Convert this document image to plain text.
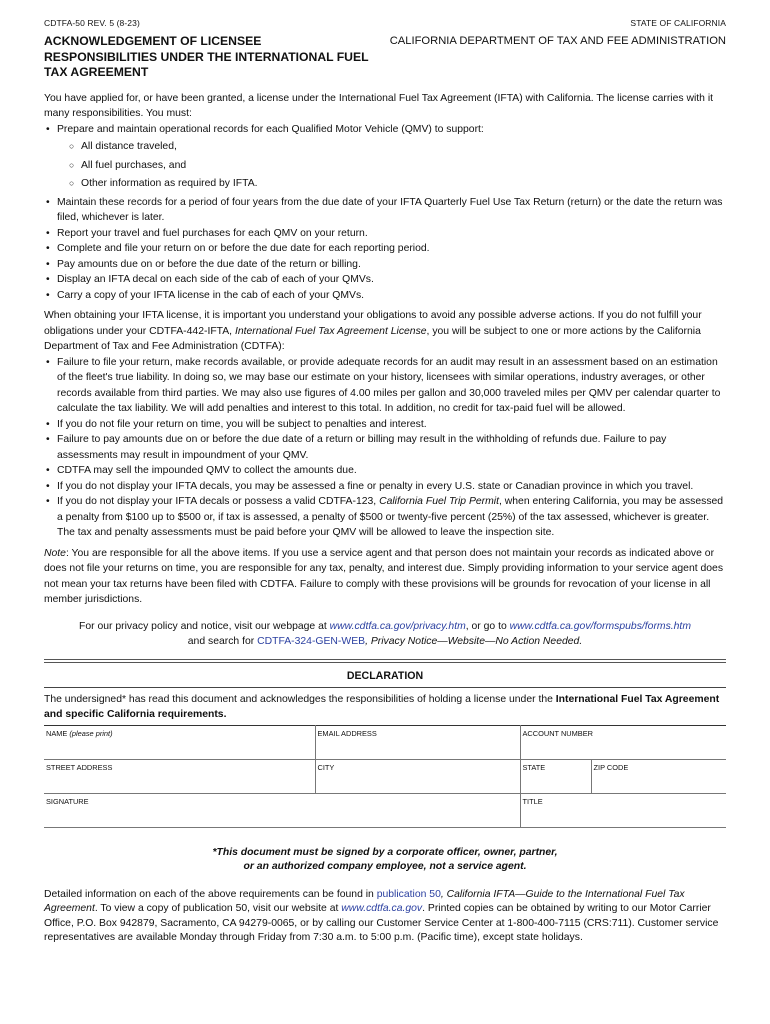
CDTFA-50 REV. 5 (8-23)	STATE OF CALIFORNIA
ACKNOWLEDGEMENT OF LICENSEE RESPONSIBILITIES UNDER THE INTERNATIONAL FUEL TAX AGREEMENT
CALIFORNIA DEPARTMENT OF TAX AND FEE ADMINISTRATION

You have applied for, or have been granted, a license under the International Fuel Tax Agreement (IFTA) with California. The license carries with it many responsibilities. You must:

• Prepare and maintain operational records for each Qualified Motor Vehicle (QMV) to support:
○ All distance traveled,
○ All fuel purchases, and
○ Other information as required by IFTA.
• Maintain these records for a period of four years from the due date of your IFTA Quarterly Fuel Use Tax Return (return) or the date the return was filed, whichever is later.
• Report your travel and fuel purchases for each QMV on your return.
• Complete and file your return on or before the due date for each reporting period.
• Pay amounts due on or before the due date of the return or billing.
• Display an IFTA decal on each side of the cab of each of your QMVs.
• Carry a copy of your IFTA license in the cab of each of your QMVs.

When obtaining your IFTA license, it is important you understand your obligations to avoid any possible adverse actions. If you do not fulfill your obligations under your CDTFA-442-IFTA, International Fuel Tax Agreement License, you will be subject to one or more actions by the California Department of Tax and Fee Administration (CDTFA):

• Failure to file your return, make records available, or provide adequate records for an audit may result in an assessment based on an estimation of the fleet's true liability. In doing so, we may base our estimate on your history, licensees with similar operations, industry averages, or other records available from third parties. We may also use figures of 4.00 miles per gallon and 30,000 traveled miles per QMV per calendar quarter to calculate the tax liability. We will add penalties and interest to this total. In addition, no credit for tax-paid fuel will be allowed.
• If you do not file your return on time, you will be subject to penalties and interest.
• Failure to pay amounts due on or before the due date of a return or billing may result in the withholding of refunds due. Failure to pay assessments may result in impoundment of your QMV.
• CDTFA may sell the impounded QMV to collect the amounts due.
• If you do not display your IFTA decals, you may be assessed a fine or penalty in every U.S. state or Canadian province in which you travel.
• If you do not display your IFTA decals or possess a valid CDTFA-123, California Fuel Trip Permit, when entering California, you may be assessed a penalty from $100 up to $500 or, if tax is assessed, a penalty of $500 or twenty-five percent (25%) of the tax assessed, whichever is greater. The tax and penalty assessments must be paid before your QMV will be allowed to leave the inspection site.

Note: You are responsible for all the above items. If you use a service agent and that person does not maintain your records as indicated above or does not file your returns on time, you are responsible for any tax, penalty, and interest due. Simply providing information to your service agent does not mean your tax returns have been filed with CDTFA. Failure to comply with these provisions will be grounds for revocation of your license in all member jurisdictions.

For our privacy policy and notice, visit our webpage at www.cdtfa.ca.gov/privacy.htm, or go to www.cdtfa.ca.gov/formspubs/forms.htm
and search for CDTFA-324-GEN-WEB, Privacy Notice—Website—No Action Needed.

DECLARATION

The undersigned* has read this document and acknowledges the responsibilities of holding a license under the International Fuel Tax Agreement and specific California requirements.

NAME (please print)	EMAIL ADDRESS	ACCOUNT NUMBER	
STREET ADDRESS	CITY	STATE	ZIP CODE
SIGNATURE		TITLE	
*This document must be signed by a corporate officer, owner, partner,
or an authorized company employee, not a service agent.

Detailed information on each of the above requirements can be found in publication 50, California IFTA—Guide to the International Fuel Tax Agreement. To view a copy of publication 50, visit our website at www.cdtfa.ca.gov. Printed copies can be obtained by writing to our Motor Carrier Office, P.O. Box 942879, Sacramento, CA 94279-0065, or by calling our Customer Service Center at 1-800-400-7115 (CRS:711). Customer service representatives are available Monday through Friday from 7:30 a.m. to 5:00 p.m. (Pacific time), except state holidays.
